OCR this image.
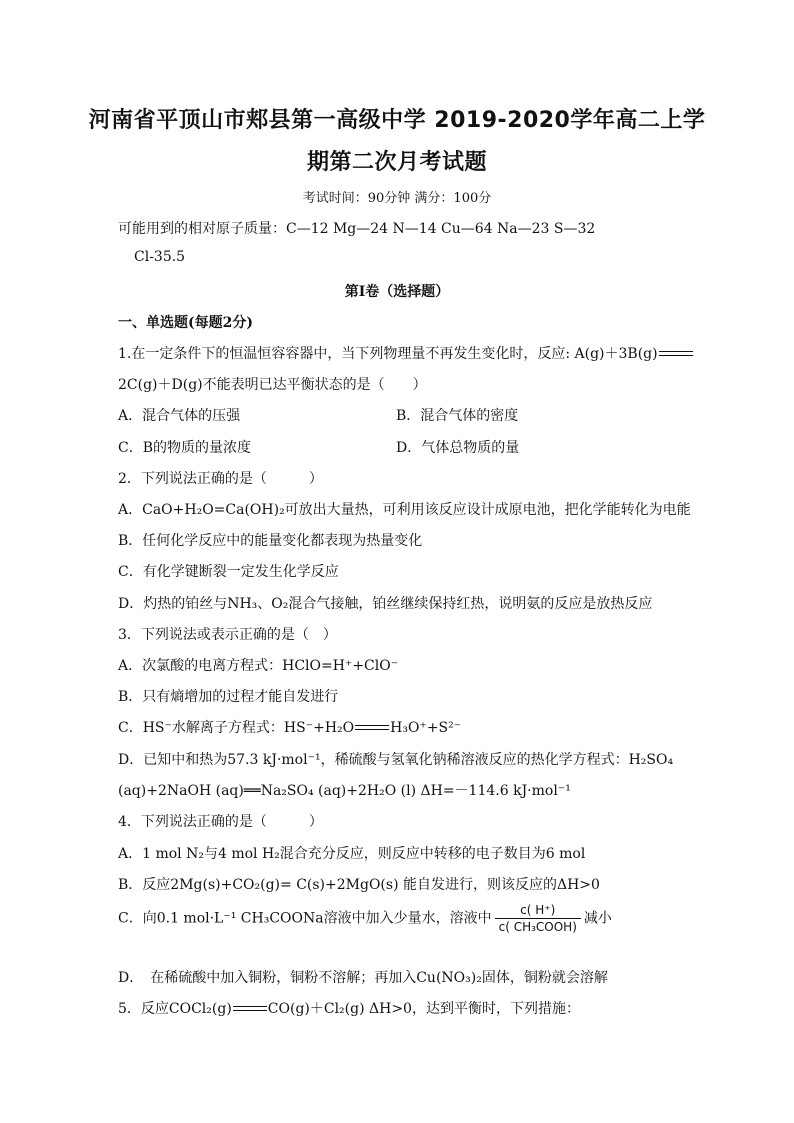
河南省平顶山市郏县第一高级中学 2019-2020学年高二上学
期第二次月考试题
考试时间：90分钟 满分：100分
可能用到的相对原子质量：C—12 Mg—24 N—14 Cu—64 Na—23 S—32
Cl-35.5
第Ⅰ卷（选择题）
一、单选题(每题2分)
1.在一定条件下的恒温恒容容器中，当下列物理量不再发生变化时，反应: A(g)＋3B(g)
2C(g)＋D(g)不能表明已达平衡状态的是（　　）
A．混合气体的压强	B．混合气体的密度
C．B的物质的量浓度	D．气体总物质的量
2．下列说法正确的是（　　　）
A．CaO+H₂O=Ca(OH)₂可放出大量热，可利用该反应设计成原电池，把化学能转化为电能
B．任何化学反应中的能量变化都表现为热量变化
C．有化学键断裂一定发生化学反应
D．灼热的铂丝与NH₃、O₂混合气接触，铂丝继续保持红热，说明氨的反应是放热反应
3．下列说法或表示正确的是（　）
A．次氯酸的电离方程式：HClO=H⁺+ClO⁻
B．只有熵增加的过程才能自发进行
C．HS⁻水解离子方程式：HS⁻+H₂O	H₃O⁺+S²⁻
D．已知中和热为57.3 kJ·mol⁻¹，稀硫酸与氢氧化钠稀溶液反应的热化学方程式：H₂SO₄
(aq)+2NaOH (aq)══Na₂SO₄ (aq)+2H₂O (l) ΔH=－114.6 kJ·mol⁻¹
4．下列说法正确的是（　　　）
A．1 mol N₂与4 mol H₂混合充分反应，则反应中转移的电子数目为6 mol
B．反应2Mg(s)+CO₂(g)= C(s)+2MgO(s) 能自发进行，则该反应的ΔH>0
C．向0.1 mol·L⁻¹ CH₃COONa溶液中加入少量水，溶液中 $\frac{c( H^+)}{\text{c( CH₃COOH)}}$ 减小
D．　在稀硫酸中加入铜粉，铜粉不溶解；再加入Cu(NO₃)₂固体，铜粉就会溶解
5．反应COCl₂(g)	CO(g)＋Cl₂(g) ΔH>0，达到平衡时，下列措施：
